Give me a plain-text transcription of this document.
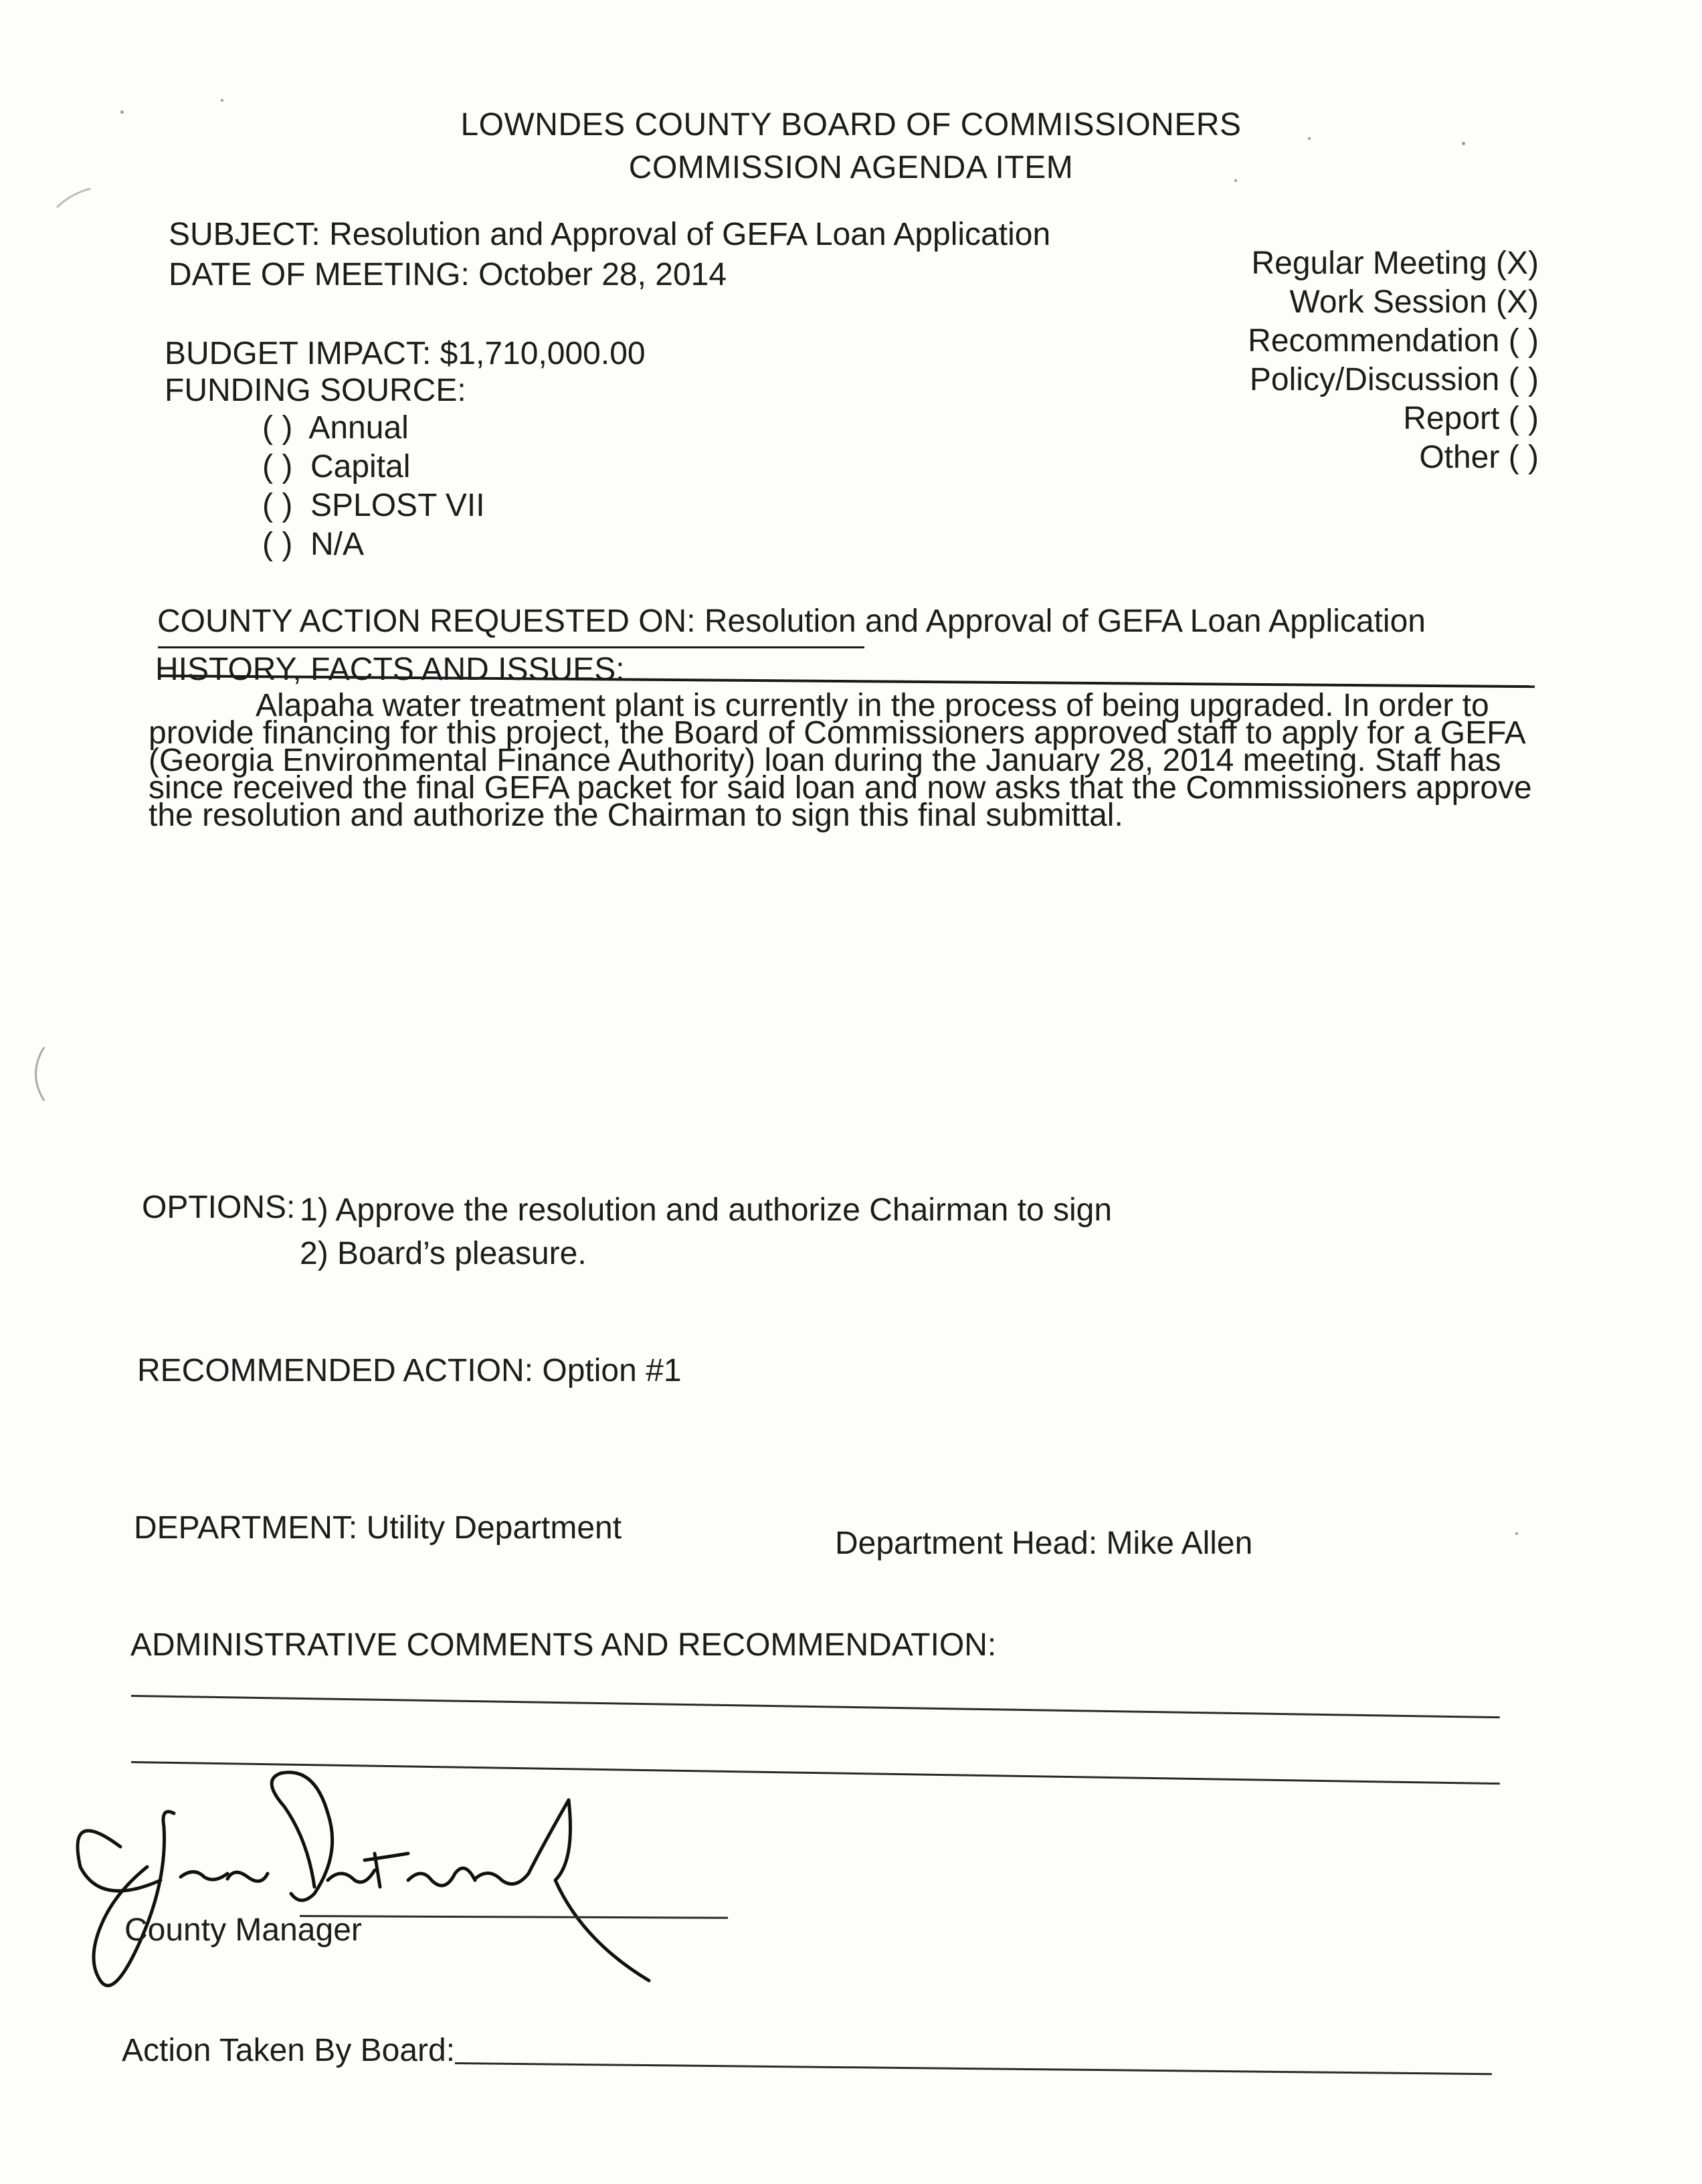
LOWNDES COUNTY BOARD OF COMMISSIONERS
COMMISSION AGENDA ITEM
SUBJECT: Resolution and Approval of GEFA Loan Application
DATE OF MEETING: October 28, 2014	Regular Meeting (X)
Work Session (X)
Recommendation ( )
Policy/Discussion ( )
Report ( )
Other ( )
BUDGET IMPACT: $1,710,000.00
FUNDING SOURCE:
( ) Annual
( ) Capital
( ) SPLOST VII
( ) N/A
COUNTY ACTION REQUESTED ON: Resolution and Approval of GEFA Loan Application
HISTORY, FACTS AND ISSUES:
Alapaha water treatment plant is currently in the process of being upgraded. In order to
provide financing for this project, the Board of Commissioners approved staff to apply for a GEFA
(Georgia Environmental Finance Authority) loan during the January 28, 2014 meeting. Staff has
since received the final GEFA packet for said loan and now asks that the Commissioners approve
the resolution and authorize the Chairman to sign this final submittal.
OPTIONS: 1) Approve the resolution and authorize Chairman to sign
2) Board’s pleasure.
RECOMMENDED ACTION: Option #1
DEPARTMENT: Utility Department	Department Head: Mike Allen
ADMINISTRATIVE COMMENTS AND RECOMMENDATION:
County Manager
Action Taken By Board:
